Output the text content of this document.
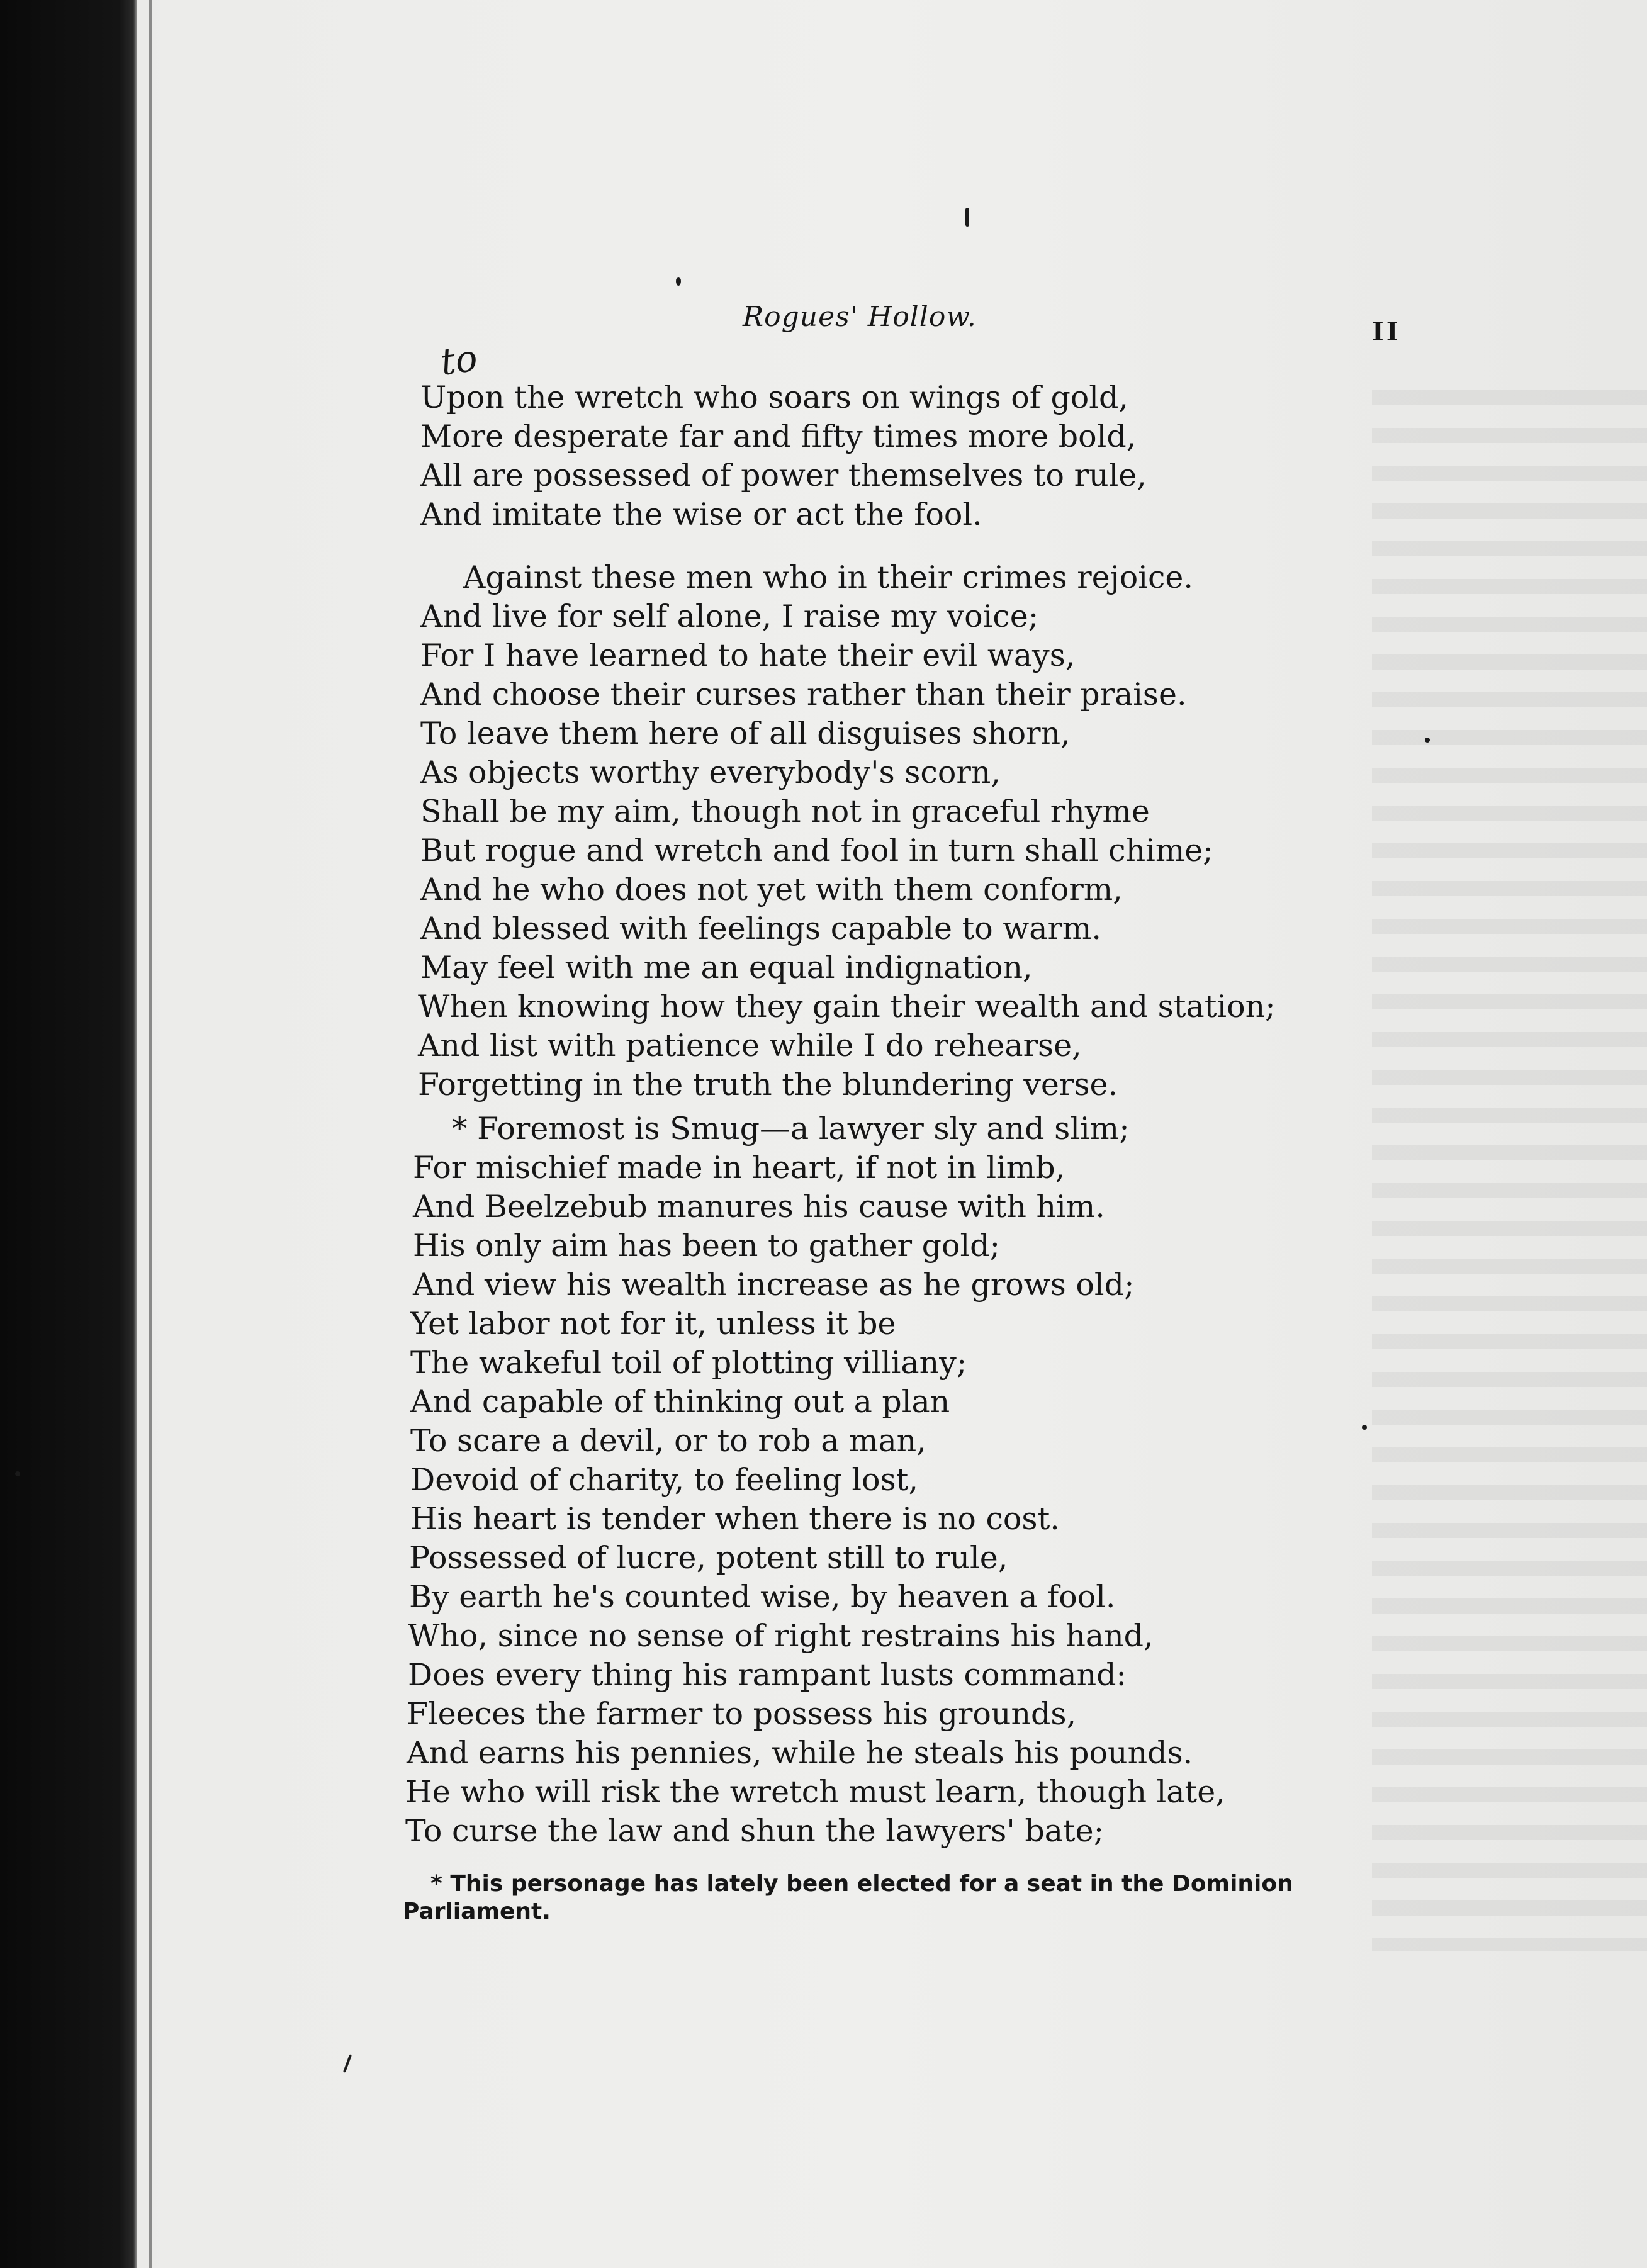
Rogues' Hollow.	II
to
Upon the wretch who soars on wings of gold,
More desperate far and fifty times more bold,
All are possessed of power themselves to rule,
And imitate the wise or act the fool.
Against these men who in their crimes rejoice.
And live for self alone, I raise my voice;
For I have learned to hate their evil ways,
And choose their curses rather than their praise.
To leave them here of all disguises shorn,
As objects worthy everybody's scorn,
Shall be my aim, though not in graceful rhyme
But rogue and wretch and fool in turn shall chime;
And he who does not yet with them conform,
And blessed with feelings capable to warm.
May feel with me an equal indignation,
When knowing how they gain their wealth and station;
And list with patience while I do rehearse,
Forgetting in the truth the blundering verse.
* Foremost is Smug—a lawyer sly and slim;
For mischief made in heart, if not in limb,
And Beelzebub manures his cause with him.
His only aim has been to gather gold;
And view his wealth increase as he grows old;
Yet labor not for it, unless it be
The wakeful toil of plotting villiany;
And capable of thinking out a plan
To scare a devil, or to rob a man,
Devoid of charity, to feeling lost,
His heart is tender when there is no cost.
Possessed of lucre, potent still to rule,
By earth he's counted wise, by heaven a fool.
Who, since no sense of right restrains his hand,
Does every thing his rampant lusts command:
Fleeces the farmer to possess his grounds,
And earns his pennies, while he steals his pounds.
He who will risk the wretch must learn, though late,
To curse the law and shun the lawyers' bate;
* This personage has lately been elected for a seat in the Dominion
Parliament.
